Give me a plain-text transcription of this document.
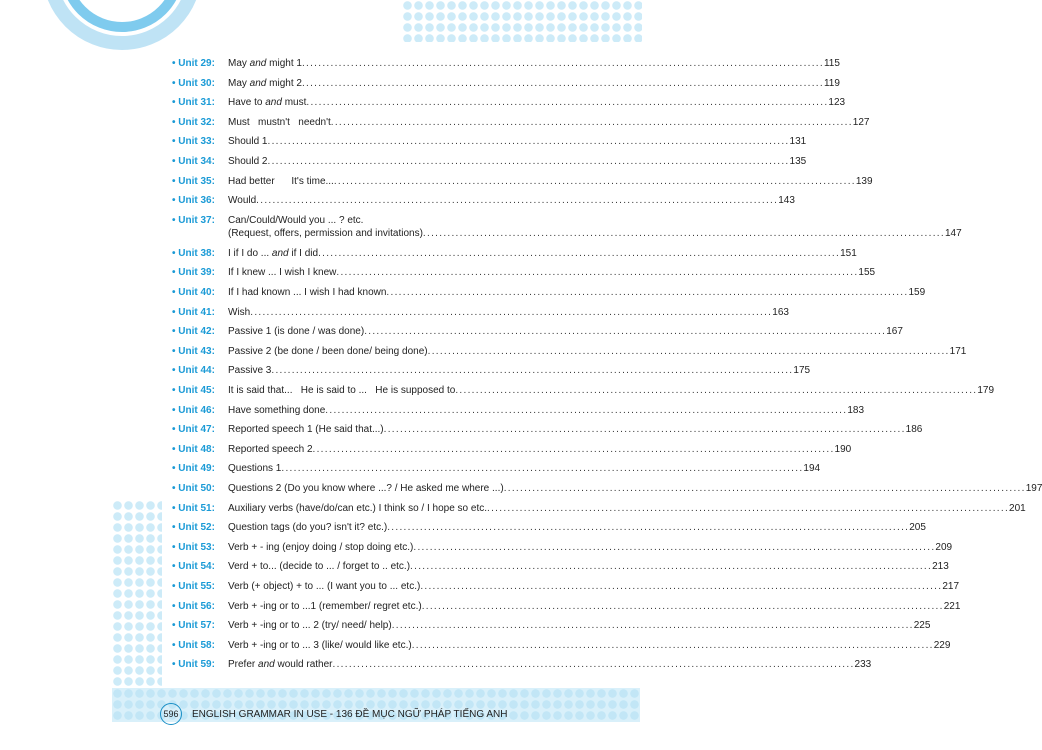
• Unit 29:	May and might 1 .....	115
• Unit 30:	May and might 2 .....	119
• Unit 31:	Have to and must .....	123
• Unit 32:	Must   mustn't   needn't .....	127
• Unit 33:	Should 1 .....	131
• Unit 34:	Should 2 .....	135
• Unit 35:	Had better      It's time... .....	139
• Unit 36:	Would .....	143
• Unit 37:	Can/Could/Would you ... ? etc.
(Request, offers, permission and invitations) .....	147
• Unit 38:	I if I do ... and if I did .....	151
• Unit 39:	If I knew ... I wish I knew .....	155
• Unit 40:	If I had known ... I wish I had known .....	159
• Unit 41:	Wish .....	163
• Unit 42:	Passive 1 (is done / was done) .....	167
• Unit 43:	Passive 2 (be done / been done/ being done) .....	171
• Unit 44:	Passive 3 .....	175
• Unit 45:	It is said that...   He is said to ...   He is supposed to .....	179
• Unit 46:	Have something done .....	183
• Unit 47:	Reported speech 1 (He said that...) .....	186
• Unit 48:	Reported speech 2 .....	190
• Unit 49:	Questions 1 .....	194
• Unit 50:	Questions 2 (Do you know where ...? / He asked me where ...) .....	197
• Unit 51:	Auxiliary verbs (have/do/can etc.) I think so / I hope so etc. .....	201
• Unit 52:	Question tags (do you? isn't it? etc.) .....	205
• Unit 53:	Verb + - ing (enjoy doing / stop doing etc.) .....	209
• Unit 54:	Verd + to... (decide to ... / forget to .. etc.) .....	213
• Unit 55:	Verb (+ object) + to ... (I want you to ... etc.) .....	217
• Unit 56:	Verb + -ing or to ...1 (remember/ regret etc.) .....	221
• Unit 57:	Verb + -ing or to ... 2 (try/ need/ help) .....	225
• Unit 58:	Verb + -ing or to ... 3 (like/ would like etc.) .....	229
• Unit 59:	Prefer and would rather .....	233
596	ENGLISH GRAMMAR IN USE - 136 ĐỀ MỤC NGỮ PHÁP TIẾNG ANH
